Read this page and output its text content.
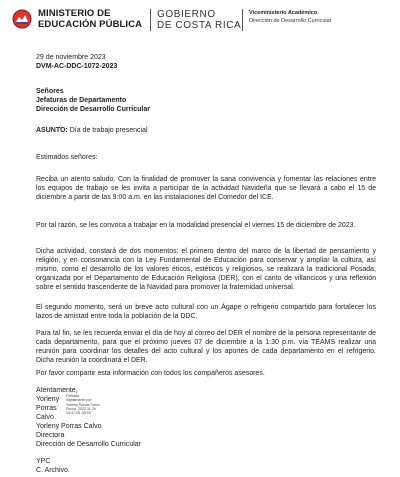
MINISTERIO DE
EDUCACIÓN PÚBLICA
GOBIERNO
DE COSTA RICA
Viceministerio Académico
Dirección de Desarrollo Curricular
29 de noviembre 2023
DVM-AC-DDC-1072-2023
Señores
Jefaturas de Departamento
Dirección de Desarrollo Curricular
ASUNTO: Día de trabajo presencial
Estimados señores:
Reciba un atento saludo. Con la finalidad de promover la sana convivencia y fomentar las relaciones entre los equipos de trabajo se les invita a participar de la actividad Navideña que se llevará a cabo el 15 de diciembre a partir de las 9:00 a.m. en las instalaciones del Comedor del ICE.
Por tal razón, se les convoca a trabajar en la modalidad presencial el viernes 15 de diciembre de 2023.
Dicha actividad, constará de dos momentos: el primero dentro del marco de la libertad de pensamiento y religión, y en consonancia con la Ley Fundamental de Educación para conservar y ampliar la cultura, así mismo, como el desarrollo de los valores éticos, estéticos y religiosos, se realizará la tradicional Posada, organizada por el Departamento de Educación Religiosa (DER), con el canto de villancicos y una reflexión sobre el sentido trascendente de la Navidad para promover la fraternidad universal.
El segundo momento, será un breve acto cultural con un Ágape o refrigerio compartido para fortalecer los lazos de amistad entre toda la población de la DDC.
Para tal fin, se les recuerda enviar el día de hoy al correo del DER el nombre de la persona representante de cada departamento, para que el próximo jueves 07 de diciembre a la 1:30 p.m. vía TEAMS realizar una reunión para coordinar los detalles del acto cultural y los aportes de cada departamento en el refrigerio. Dicha reunión la coordinará el DER.
Por favor compartir esta información con todos los compañeros asesores.
Atentamente,
Yorleny
Porras
Calvo
Firmado
digitalmente por
Yorleny Porras Calvo
Fecha: 2023.11.29
13:37:28 -06'00'
Yorleny Porras Calvo
Directora
Dirección de Desarrollo Curricular
YPC
C. Archivo.
